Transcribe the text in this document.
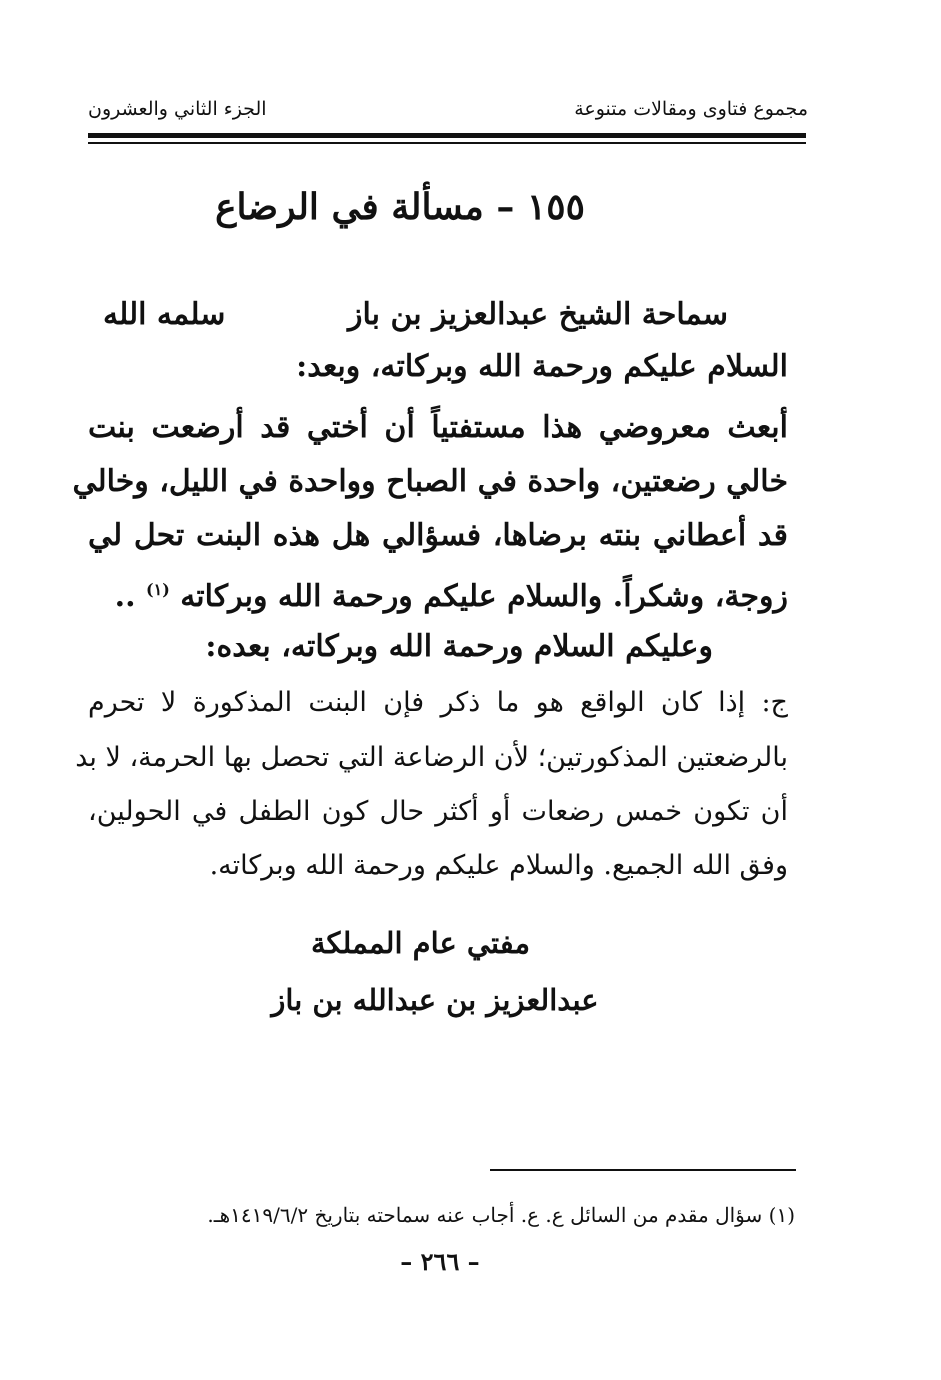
مجموع فتاوى ومقالات متنوعة
الجزء الثاني والعشرون
١٥٥ – مسألة في الرضاع
سماحة الشيخ عبدالعزيز بن باز
سلمه الله
السلام عليكم ورحمة الله وبركاته، وبعد:
أبعث معروضي هذا مستفتياً أن أختي قد أرضعت بنت
خالي رضعتين، واحدة في الصباح وواحدة في الليل، وخالي
قد أعطاني بنته برضاها، فسؤالي هل هذه البنت تحل لي
زوجة، وشكراً. والسلام عليكم ورحمة الله وبركاته $^{(١)}$ ..
وعليكم السلام ورحمة الله وبركاته، بعده:
ج: إذا كان الواقع هو ما ذكر فإن البنت المذكورة لا تحرم
بالرضعتين المذكورتين؛ لأن الرضاعة التي تحصل بها الحرمة، لا بد
أن تكون خمس رضعات أو أكثر حال كون الطفل في الحولين،
وفق الله الجميع. والسلام عليكم ورحمة الله وبركاته.
مفتي عام المملكة
عبدالعزيز بن عبدالله بن باز
(١) سؤال مقدم من السائل ع. ع. أجاب عنه سماحته بتاريخ ١٤١٩/٦/٢هـ.
– ٢٦٦ –
